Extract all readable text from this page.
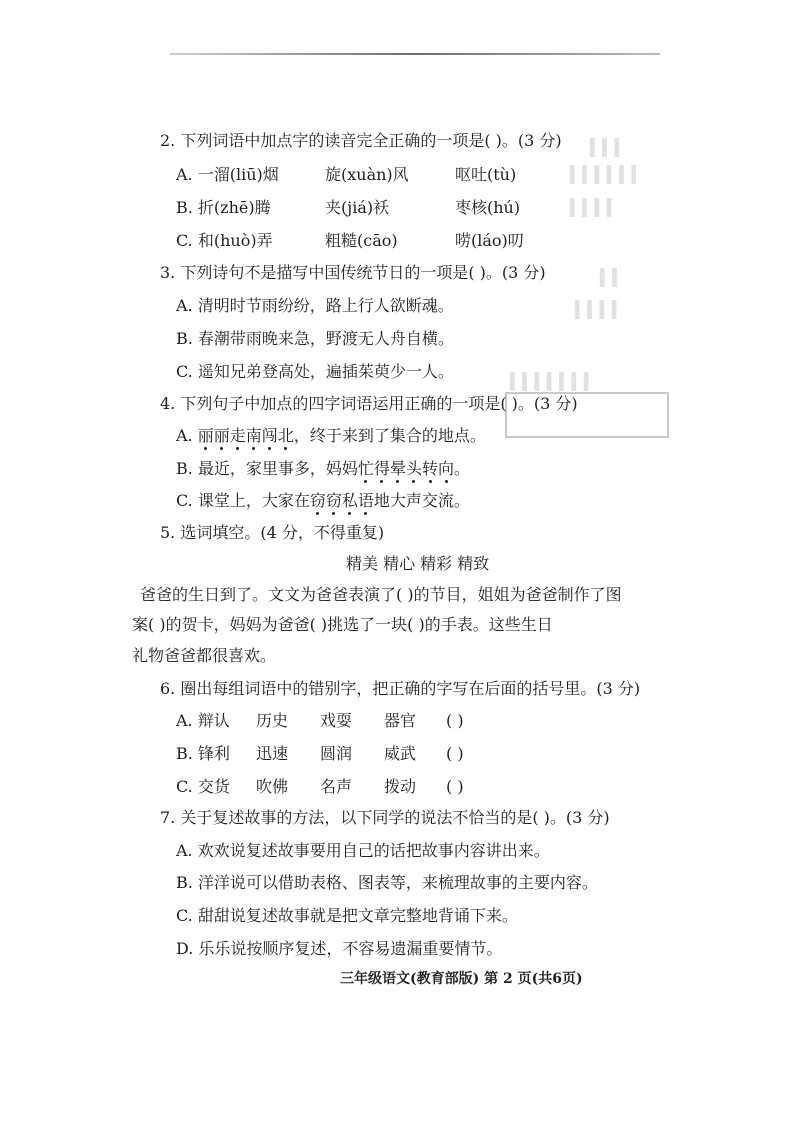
▍▍▍
▍▍▍▍▍▍
▍▍▍▍
▍▍
▍▍▍▍
▍▍▍▍▍▍▍
2. 下列词语中加点字的读音完全正确的一项是( )。(3 分)
A. 一溜(liū)烟	旋(xuàn)风	呕吐(tù)
B. 折(zhē)腾	夹(jiá)袄	枣核(hú)
C. 和(huò)弄	粗糙(cāo)	唠(láo)叨
3. 下列诗句不是描写中国传统节日的一项是( )。(3 分)
A. 清明时节雨纷纷，路上行人欲断魂。
B. 春潮带雨晚来急，野渡无人舟自横。
C. 遥知兄弟登高处，遍插茱萸少一人。
4. 下列句子中加点的四字词语运用正确的一项是( )。(3 分)
A. 丽丽走南闯北，终于来到了集合的地点。
B. 最近，家里事多，妈妈忙得晕头转向。
C. 课堂上，大家在窃窃私语地大声交流。
5. 选词填空。(4 分，不得重复)
精美 精心 精彩 精致
爸爸的生日到了。文文为爸爸表演了( )的节目，姐姐为爸爸制作了图
案( )的贺卡，妈妈为爸爸( )挑选了一块( )的手表。这些生日
礼物爸爸都很喜欢。
6. 圈出每组词语中的错别字，把正确的字写在后面的括号里。(3 分)
A. 辩认 历史 戏耍 器官 ( )
B. 锋利 迅速 圆润 威武 ( )
C. 交货 吹佛 名声 拨动 ( )
7. 关于复述故事的方法，以下同学的说法不恰当的是( )。(3 分)
A. 欢欢说复述故事要用自己的话把故事内容讲出来。
B. 洋洋说可以借助表格、图表等，来梳理故事的主要内容。
C. 甜甜说复述故事就是把文章完整地背诵下来。
D. 乐乐说按顺序复述，不容易遗漏重要情节。
三年级语文(教育部版) 第 2 页(共6页)
